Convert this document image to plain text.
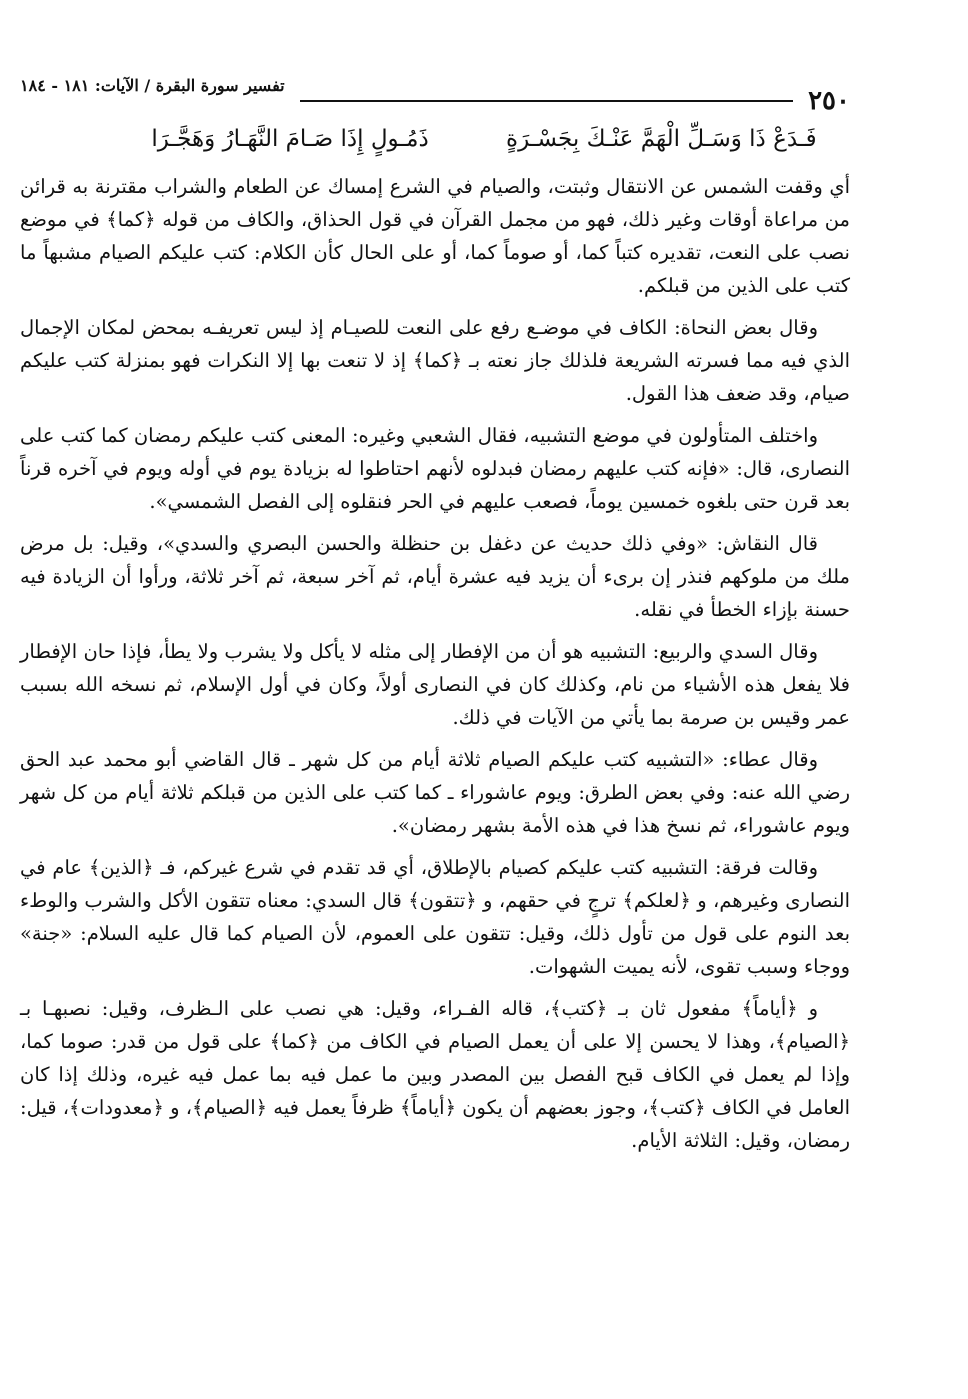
٢٥٠
تفسير سورة البقرة / الآيات: ١٨١ - ١٨٤
فَـدَعْ ذَا وَسَـلِّ الْهَمَّ عَنْـكَ بِجَسْـرَةٍ ذَمُـولٍ إِذَا صَـامَ النَّهَـارُ وَهَجَّـرَا

أي وقفت الشمس عن الانتقال وثبتت، والصيام في الشرع إمساك عن الطعام والشراب مقترنة به قرائن من مراعاة أوقات وغير ذلك، فهو من مجمل القرآن في قول الحذاق، والكاف من قوله ﴿كما﴾ في موضع نصب على النعت، تقديره كتباً كما، أو صوماً كما، أو على الحال كأن الكلام: كتب عليكم الصيام مشبهاً ما كتب على الذين من قبلكم.

وقال بعض النحاة: الكاف في موضـع رفع على النعت للصيـام إذ ليس تعريفـه بمحض لمكان الإجمال الذي فيه مما فسرته الشريعة فلذلك جاز نعته بـ ﴿كما﴾ إذ لا تنعت بها إلا النكرات فهو بمنزلة كتب عليكم صيام، وقد ضعف هذا القول.

واختلف المتأولون في موضع التشبيه، فقال الشعبي وغيره: المعنى كتب عليكم رمضان كما كتب على النصارى، قال: «فإنه كتب عليهم رمضان فبدلوه لأنهم احتاطوا له بزيادة يوم في أوله ويوم في آخره قرناً بعد قرن حتى بلغوه خمسين يوماً، فصعب عليهم في الحر فنقلوه إلى الفصل الشمسي».

قال النقاش: «وفي ذلك حديث عن دغفل بن حنظلة والحسن البصري والسدي»، وقيل: بل مرض ملك من ملوكهم فنذر إن برىء أن يزيد فيه عشرة أيام، ثم آخر سبعة، ثم آخر ثلاثة، ورأوا أن الزيادة فيه حسنة بإزاء الخطأ في نقله.

وقال السدي والربيع: التشبيه هو أن من الإفطار إلى مثله لا يأكل ولا يشرب ولا يطأ، فإذا حان الإفطار فلا يفعل هذه الأشياء من نام، وكذلك كان في النصارى أولاً، وكان في أول الإسلام، ثم نسخه الله بسبب عمر وقيس بن صرمة بما يأتي من الآيات في ذلك.

وقال عطاء: «التشبيه كتب عليكم الصيام ثلاثة أيام من كل شهر ـ قال القاضي أبو محمد عبد الحق رضي الله عنه: وفي بعض الطرق: ويوم عاشوراء ـ كما كتب على الذين من قبلكم ثلاثة أيام من كل شهر ويوم عاشوراء، ثم نسخ هذا في هذه الأمة بشهر رمضان».

وقالت فرقة: التشبيه كتب عليكم كصيام بالإطلاق، أي قد تقدم في شرع غيركم، فـ ﴿الذين﴾ عام في النصارى وغيرهم، و ﴿لعلكم﴾ ترجٍ في حقهم، و ﴿تتقون﴾ قال السدي: معناه تتقون الأكل والشرب والوطء بعد النوم على قول من تأول ذلك، وقيل: تتقون على العموم، لأن الصيام كما قال عليه السلام: «جنة» ووجاء وسبب تقوى، لأنه يميت الشهوات.

و ﴿أياماً﴾ مفعول ثان بـ ﴿كتب﴾، قاله الفـراء، وقيل: هي نصب على الـظرف، وقيل: نصبهـا بـ ﴿الصيام﴾، وهذا لا يحسن إلا على أن يعمل الصيام في الكاف من ﴿كما﴾ على قول من قدر: صوما كما، وإذا لم يعمل في الكاف قبح الفصل بين المصدر وبين ما عمل فيه بما عمل فيه غيره، وذلك إذا كان العامل في الكاف ﴿كتب﴾، وجوز بعضهم أن يكون ﴿أياماً﴾ ظرفاً يعمل فيه ﴿الصيام﴾، و ﴿معدودات﴾، قيل: رمضان، وقيل: الثلاثة الأيام.
